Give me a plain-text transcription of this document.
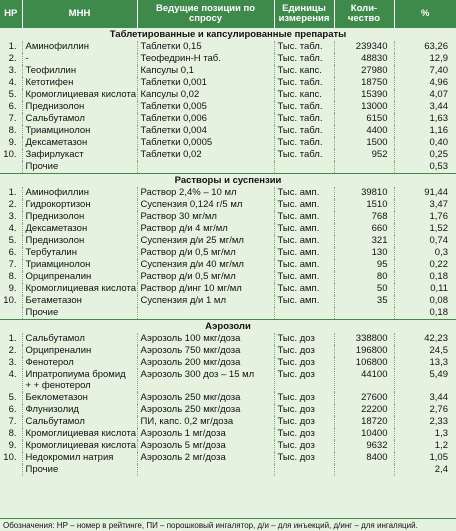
НР	МНН	Ведущие позиции по спросу	Единицы измерения	Коли-чество	%
Таблетированные и капсулированные препараты					
1.	Аминофиллин	Таблетки 0,15	Тыс. табл.	239340	63,26
2.	-	Теофедрин-Н таб.	Тыс. табл.	48830	12,9
3.	Теофиллин	Капсулы 0,1	Тыс. капс.	27980	7,40
4.	Кетотифен	Таблетки 0,001	Тыс. табл.	18750	4,96
5.	Кромоглициевая кислота	Капсулы 0,02	Тыс. капс.	15390	4,07
6.	Преднизолон	Таблетки 0,005	Тыс. табл.	13000	3,44
7.	Сальбутамол	Таблетки 0,006	Тыс. табл.	6150	1,63
8.	Триамцинолон	Таблетки 0,004	Тыс. табл.	4400	1,16
9.	Дексаметазон	Таблетки 0,0005	Тыс. табл.	1500	0,40
10.	Зафирлукаст	Таблетки 0,02	Тыс. табл.	952	0,25
	Прочие				0,53
Растворы и суспензии					
1.	Аминофиллин	Раствор 2,4% – 10 мл	Тыс. амп.	39810	91,44
2.	Гидрокортизон	Суспензия 0,124 г/5 мл	Тыс. амп.	1510	3,47
3.	Преднизолон	Раствор 30 мг/мл	Тыс. амп.	768	1,76
4.	Дексаметазон	Раствор д/и 4 мг/мл	Тыс. амп.	660	1,52
5.	Преднизолон	Суспензия д/и 25 мг/мл	Тыс. амп.	321	0,74
6.	Тербуталин	Раствор д/и 0,5 мг/мл	Тыс. амп.	130	0,3
7.	Триамцинолон	Суспензия д/и 40 мг/мл	Тыс. амп.	95	0,22
8.	Орципреналин	Раствор д/и 0,5 мг/мл	Тыс. амп.	80	0,18
9.	Кромоглициевая кислота	Раствор д/инг 10 мг/мл	Тыс. амп.	50	0,11
10.	Бетаметазон	Суспензия д/и 1 мл	Тыс. амп.	35	0,08
	Прочие				0,18
Аэрозоли					
1.	Сальбутамол	Аэрозоль 100 мкг/доза	Тыс. доз	338800	42,23
2.	Орципреналин	Аэрозоль 750 мкг/доза	Тыс. доз	196800	24,5
3.	Фенотерол	Аэрозоль 200 мкг/доза	Тыс. доз	106800	13,3
4.	Ипратропиума бромид + + фенотерол	Аэрозоль 300 доз – 15 мл	Тыс. доз	44100	5,49
5.	Беклометазон	Аэрозоль 250 мкг/доза	Тыс. доз	27600	3,44
6.	Флунизолид	Аэрозоль 250 мкг/доза	Тыс. доз	22200	2,76
7.	Сальбутамол	ПИ, капс. 0,2 мг/доза	Тыс. доз	18720	2,33
8.	Кромоглициевая кислота	Аэрозоль 1 мг/доза	Тыс. доз	10400	1,3
9.	Кромоглициевая кислота	Аэрозоль 5 мг/доза	Тыс. доз	9632	1,2
10.	Недокромил натрия	Аэрозоль 2 мг/доза	Тыс. доз	8400	1,05
	Прочие				2,4
Обозначения: НР – номер в рейтинге, ПИ – порошковый ингалятор, д/и – для инъекций, д/инг – для ингаляций.
